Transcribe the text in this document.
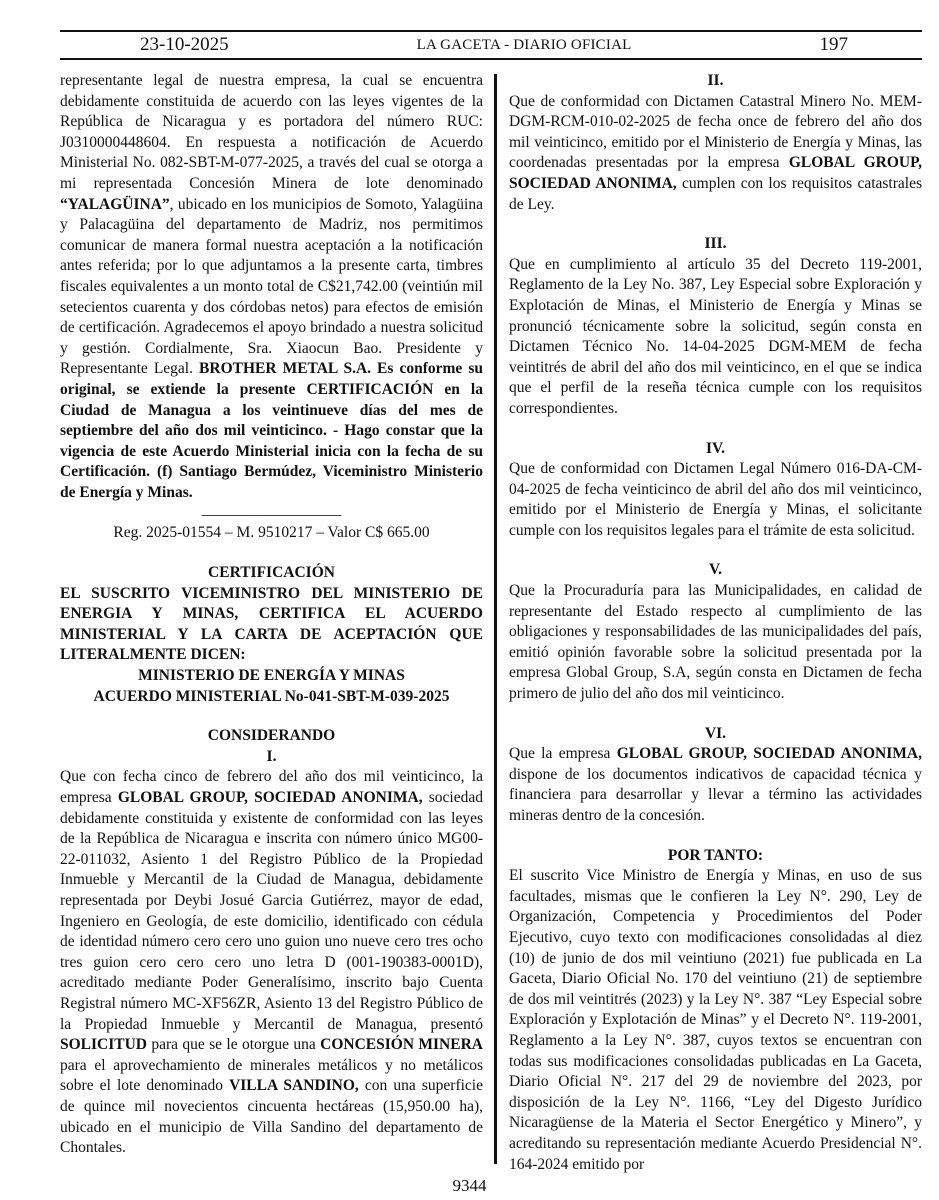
23-10-2025	LA GACETA - DIARIO OFICIAL	197

representante legal de nuestra empresa, la cual se encuentra debidamente constituida de acuerdo con las leyes vigentes de la República de Nicaragua y es portadora del número RUC: J0310000448604. En respuesta a notificación de Acuerdo Ministerial No. 082-SBT-M-077-2025, a través del cual se otorga a mi representada Concesión Minera de lote denominado “YALAGÜINA”, ubicado en los municipios de Somoto, Yalagüina y Palacagüina del departamento de Madriz, nos permitimos comunicar de manera formal nuestra aceptación a la notificación antes referida; por lo que adjuntamos a la presente carta, timbres fiscales equivalentes a un monto total de C$21,742.00 (veintiún mil setecientos cuarenta y dos córdobas netos) para efectos de emisión de certificación. Agradecemos el apoyo brindado a nuestra solicitud y gestión. Cordialmente, Sra. Xiaocun Bao. Presidente y Representante Legal. BROTHER METAL S.A. Es conforme su original, se extiende la presente CERTIFICACIÓN en la Ciudad de Managua a los veintinueve días del mes de septiembre del año dos mil veinticinco. - Hago constar que la vigencia de este Acuerdo Ministerial inicia con la fecha de su Certificación. (f) Santiago Bermúdez, Viceministro Ministerio de Energía y Minas.

__________________

Reg. 2025-01554 – M. 9510217 – Valor C$ 665.00

CERTIFICACIÓN

EL SUSCRITO VICEMINISTRO DEL MINISTERIO DE ENERGIA Y MINAS, CERTIFICA EL ACUERDO MINISTERIAL Y LA CARTA DE ACEPTACIÓN QUE LITERALMENTE DICEN:

MINISTERIO DE ENERGÍA Y MINAS

ACUERDO MINISTERIAL No-041-SBT-M-039-2025

CONSIDERANDO

I.

Que con fecha cinco de febrero del año dos mil veinticinco, la empresa GLOBAL GROUP, SOCIEDAD ANONIMA, sociedad debidamente constituida y existente de conformidad con las leyes de la República de Nicaragua e inscrita con número único MG00-22-011032, Asiento 1 del Registro Público de la Propiedad Inmueble y Mercantil de la Ciudad de Managua, debidamente representada por Deybi Josué Garcia Gutiérrez, mayor de edad, Ingeniero en Geología, de este domicilio, identificado con cédula de identidad número cero cero uno guion uno nueve cero tres ocho tres guion cero cero cero uno letra D (001-190383-0001D), acreditado mediante Poder Generalísimo, inscrito bajo Cuenta Registral número MC-XF56ZR, Asiento 13 del Registro Público de la Propiedad Inmueble y Mercantil de Managua, presentó SOLICITUD para que se le otorgue una CONCESIÓN MINERA para el aprovechamiento de minerales metálicos y no metálicos sobre el lote denominado VILLA SANDINO, con una superficie de quince mil novecientos cincuenta hectáreas (15,950.00 ha), ubicado en el municipio de Villa Sandino del departamento de Chontales.

II.

Que de conformidad con Dictamen Catastral Minero No. MEM-DGM-RCM-010-02-2025 de fecha once de febrero del año dos mil veinticinco, emitido por el Ministerio de Energía y Minas, las coordenadas presentadas por la empresa GLOBAL GROUP, SOCIEDAD ANONIMA, cumplen con los requisitos catastrales de Ley.

III.

Que en cumplimiento al artículo 35 del Decreto 119-2001, Reglamento de la Ley No. 387, Ley Especial sobre Exploración y Explotación de Minas, el Ministerio de Energía y Minas se pronunció técnicamente sobre la solicitud, según consta en Dictamen Técnico No. 14-04-2025 DGM-MEM de fecha veintitrés de abril del año dos mil veinticinco, en el que se indica que el perfil de la reseña técnica cumple con los requisitos correspondientes.

IV.

Que de conformidad con Dictamen Legal Número 016-DA-CM-04-2025 de fecha veinticinco de abril del año dos mil veinticinco, emitido por el Ministerio de Energía y Minas, el solicitante cumple con los requisitos legales para el trámite de esta solicitud.

V.

Que la Procuraduría para las Municipalidades, en calidad de representante del Estado respecto al cumplimiento de las obligaciones y responsabilidades de las municipalidades del país, emitió opinión favorable sobre la solicitud presentada por la empresa Global Group, S.A, según consta en Dictamen de fecha primero de julio del año dos mil veinticinco.

VI.

Que la empresa GLOBAL GROUP, SOCIEDAD ANONIMA, dispone de los documentos indicativos de capacidad técnica y financiera para desarrollar y llevar a término las actividades mineras dentro de la concesión.

POR TANTO:

El suscrito Vice Ministro de Energía y Minas, en uso de sus facultades, mismas que le confieren la Ley N°. 290, Ley de Organización, Competencia y Procedimientos del Poder Ejecutivo, cuyo texto con modificaciones consolidadas al diez (10) de junio de dos mil veintiuno (2021) fue publicada en La Gaceta, Diario Oficial No. 170 del veintiuno (21) de septiembre de dos mil veintitrés (2023) y la Ley N°. 387 “Ley Especial sobre Exploración y Explotación de Minas” y el Decreto N°. 119-2001, Reglamento a la Ley N°. 387, cuyos textos se encuentran con todas sus modificaciones consolidadas publicadas en La Gaceta, Diario Oficial N°. 217 del 29 de noviembre del 2023, por disposición de la Ley N°. 1166, “Ley del Digesto Jurídico Nicaragüense de la Materia el Sector Energético y Minero”, y acreditando su representación mediante Acuerdo Presidencial N°. 164-2024 emitido por

9344
